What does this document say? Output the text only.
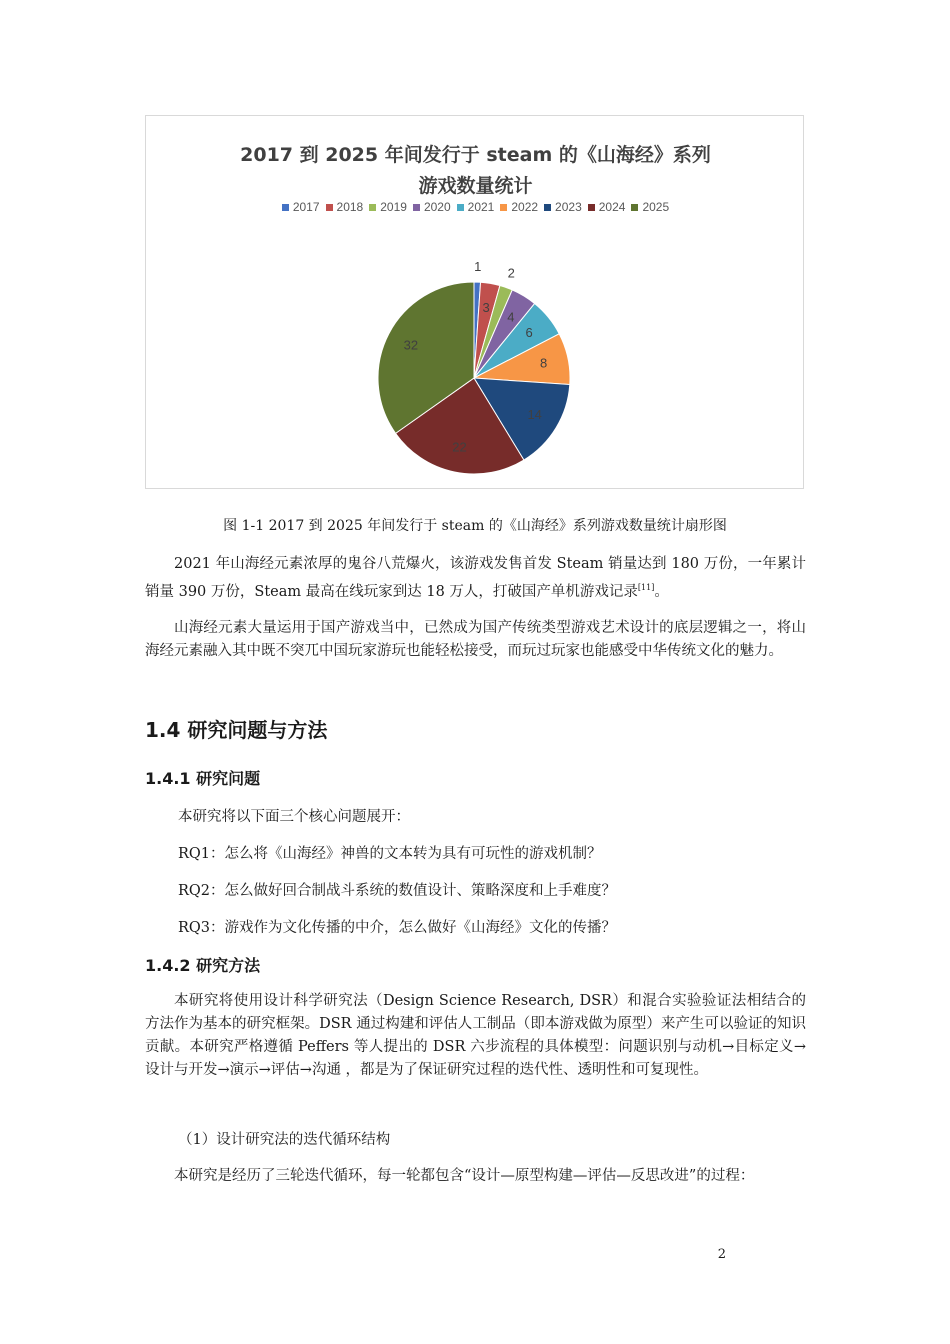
2017 到 2025 年间发行于 steam 的《山海经》系列
游戏数量统计
2017 2018 2019 2020 2021 2022 2023 2024 2025
1
3
2
4
6
8
14
22
32
图 1-1 2017 到 2025 年间发行于 steam 的《山海经》系列游戏数量统计扇形图

2021 年山海经元素浓厚的鬼谷八荒爆火，该游戏发售首发 Steam 销量达到 180 万份，一年累计销量 390 万份，Steam 最高在线玩家到达 18 万人，打破国产单机游戏记录[11]。

山海经元素大量运用于国产游戏当中，已然成为国产传统类型游戏艺术设计的底层逻辑之一，将山海经元素融入其中既不突兀中国玩家游玩也能轻松接受，而玩过玩家也能感受中华传统文化的魅力。

1.4 研究问题与方法
1.4.1 研究问题

本研究将以下面三个核心问题展开：

RQ1：怎么将《山海经》神兽的文本转为具有可玩性的游戏机制？

RQ2：怎么做好回合制战斗系统的数值设计、策略深度和上手难度？

RQ3：游戏作为文化传播的中介，怎么做好《山海经》文化的传播？

1.4.2 研究方法

本研究将使用设计科学研究法（Design Science Research, DSR）和混合实验验证法相结合的方法作为基本的研究框架。DSR 通过构建和评估人工制品（即本游戏做为原型）来产生可以验证的知识贡献。本研究严格遵循 Peffers 等人提出的 DSR 六步流程的具体模型：问题识别与动机→目标定义→设计与开发→演示→评估→沟通 ，都是为了保证研究过程的迭代性、透明性和可复现性。

（1）设计研究法的迭代循环结构

本研究是经历了三轮迭代循环，每一轮都包含“设计—原型构建—评估—反思改进”的过程：

2
